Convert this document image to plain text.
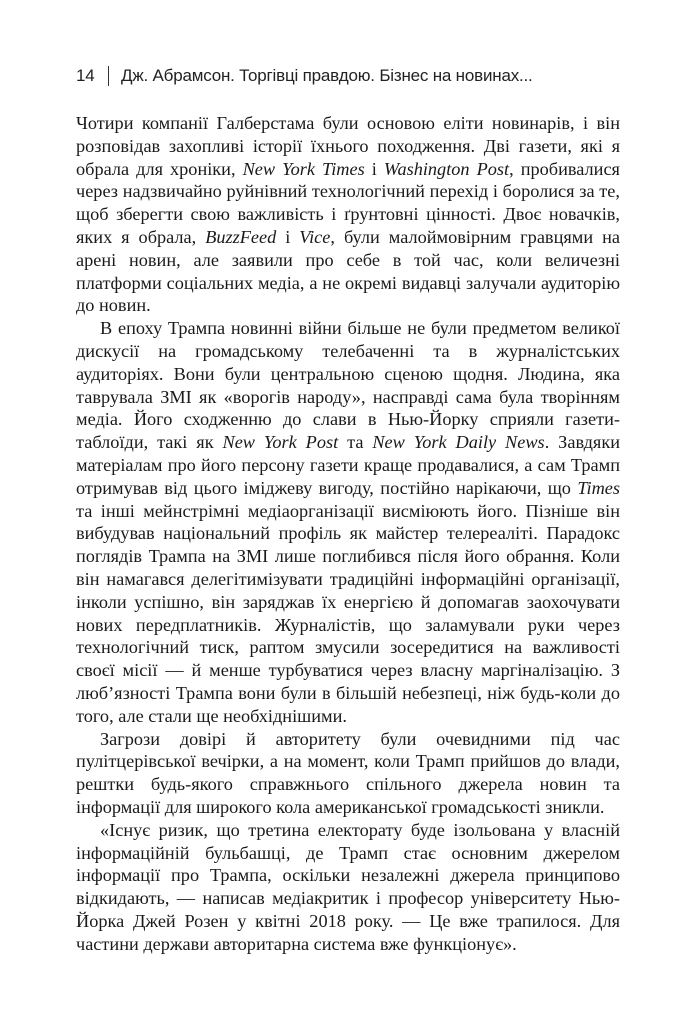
14	Дж. Абрамсон. Торгівці правдою. Бізнес на новинах...

Чотири компанії Галберстама були основою еліти новинарів, і він розповідав захопливі історії їхнього походження. Дві газети, які я обрала для хроніки, New York Times і Washington Post, пробивалися через надзвичайно руйнівний технологічний перехід і боролися за те, щоб зберегти свою важливість і ґрунтовні цінності. Двоє новачків, яких я обрала, BuzzFeed і Vice, були малоймовірним гравцями на арені новин, але заявили про себе в той час, коли величезні платформи соціальних медіа, а не окремі видавці залучали аудиторію до новин.

В епоху Трампа новинні війни більше не були предметом великої дискусії на громадському телебаченні та в журналістських аудиторіях. Вони були центральною сценою щодня. Людина, яка таврувала ЗМІ як «ворогів народу», насправді сама була творінням медіа. Його сходженню до слави в Нью-Йорку сприяли газети-таблоїди, такі як New York Post та New York Daily News. Завдяки матеріалам про його персону газети краще продавалися, а сам Трамп отримував від цього іміджеву вигоду, постійно нарікаючи, що Times та інші мейнстрімні медіаорганізації висміюють його. Пізніше він вибудував національний профіль як майстер телереаліті. Парадокс поглядів Трампа на ЗМІ лише поглибився після його обрання. Коли він намагався делегітимізувати традиційні інформаційні організації, інколи успішно, він заряджав їх енергією й допомагав заохочувати нових передплатників. Журналістів, що заламували руки через технологічний тиск, раптом змусили зосередитися на важливості своєї місії — й менше турбуватися через власну маргіналізацію. З люб’язності Трампа вони були в більшій небезпеці, ніж будь-коли до того, але стали ще необхіднішими.

Загрози довірі й авторитету були очевидними під час пулітцерівської вечірки, а на момент, коли Трамп прийшов до влади, рештки будь-якого справжнього спільного джерела новин та інформації для широкого кола американської громадськості зникли.

«Існує ризик, що третина електорату буде ізольована у власній інформаційній бульбашці, де Трамп стає основним джерелом інформації про Трампа, оскільки незалежні джерела принципово відкидають, — написав медіакритик і професор університету Нью-Йорка Джей Розен у квітні 2018 року. — Це вже трапилося. Для частини держави авторитарна система вже функціонує».
